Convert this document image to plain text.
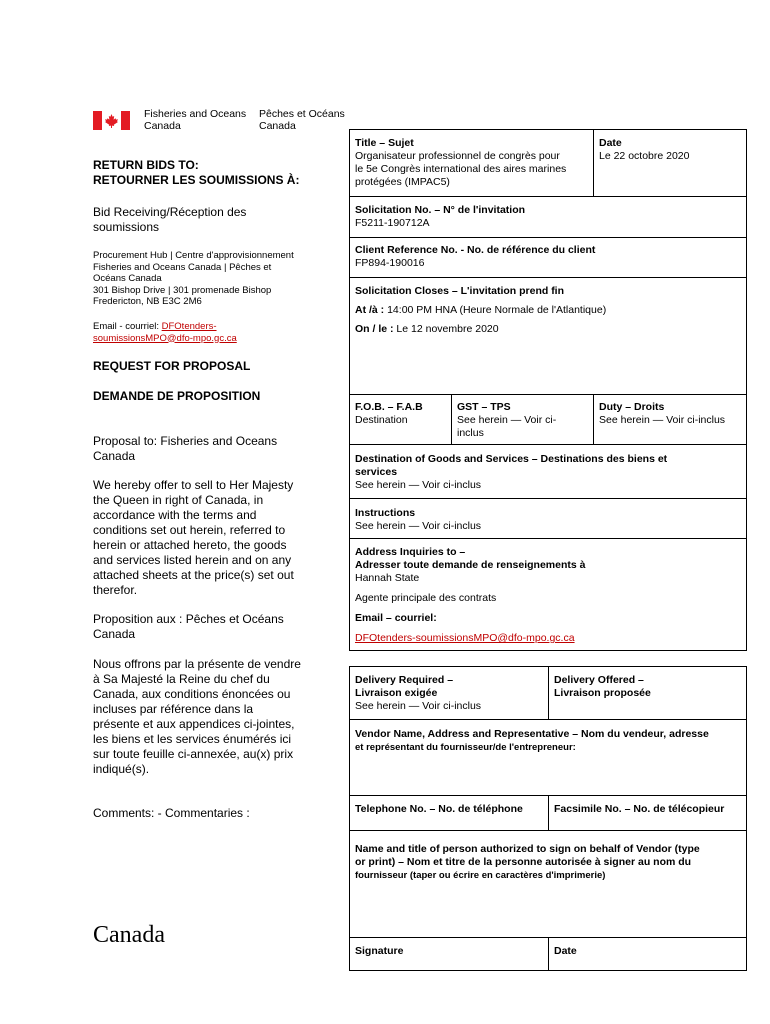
Fisheries and Oceans
Canada
Pêches et Océans
Canada
RETURN BIDS TO:
RETOURNER LES SOUMISSIONS À:
Bid Receiving/Réception des
soumissions
Procurement Hub | Centre d'approvisionnement
Fisheries and Oceans Canada | Pêches et
Océans Canada
301 Bishop Drive | 301 promenade Bishop
Fredericton, NB E3C 2M6
Email - courriel: DFOtenders-
soumissionsMPO@dfo-mpo.gc.ca
REQUEST FOR PROPOSAL
DEMANDE DE PROPOSITION
Proposal to: Fisheries and Oceans
Canada
We hereby offer to sell to Her Majesty
the Queen in right of Canada, in
accordance with the terms and
conditions set out herein, referred to
herein or attached hereto, the goods
and services listed herein and on any
attached sheets at the price(s) set out
therefor.
Proposition aux : Pêches et Océans
Canada
Nous offrons par la présente de vendre
à Sa Majesté la Reine du chef du
Canada, aux conditions énoncées ou
incluses par référence dans la
présente et aux appendices ci-jointes,
les biens et les services énumérés ici
sur toute feuille ci-annexée, au(x) prix
indiqué(s).
Comments: - Commentaries :
Canada
Title – Sujet
Organisateur professionnel de congrès pour
le 5e Congrès international des aires marines
protégées (IMPAC5)
Date
Le 22 octobre 2020
Solicitation No. – N° de l'invitation
F5211-190712A
Client Reference No. - No. de référence du client
FP894-190016
Solicitation Closes – L'invitation prend fin
At /à : 14:00 PM HNA (Heure Normale de l'Atlantique)
On / le : Le 12 novembre 2020
F.O.B. – F.A.B
Destination
GST – TPS
See herein — Voir ci-
inclus
Duty – Droits
See herein — Voir ci-inclus
Destination of Goods and Services – Destinations des biens et
services
See herein — Voir ci-inclus
Instructions
See herein — Voir ci-inclus
Address Inquiries to –
Adresser toute demande de renseignements à
Hannah State
Agente principale des contrats
Email – courriel:
DFOtenders-soumissionsMPO@dfo-mpo.gc.ca
Delivery Required –
Livraison exigée
See herein — Voir ci-inclus
Delivery Offered –
Livraison proposée
Vendor Name, Address and Representative – Nom du vendeur, adresse
et représentant du fournisseur/de l'entrepreneur:
Telephone No. – No. de téléphone	Facsimile No. – No. de télécopieur
Name and title of person authorized to sign on behalf of Vendor (type
or print) – Nom et titre de la personne autorisée à signer au nom du
fournisseur (taper ou écrire en caractères d'imprimerie)
Signature	Date
